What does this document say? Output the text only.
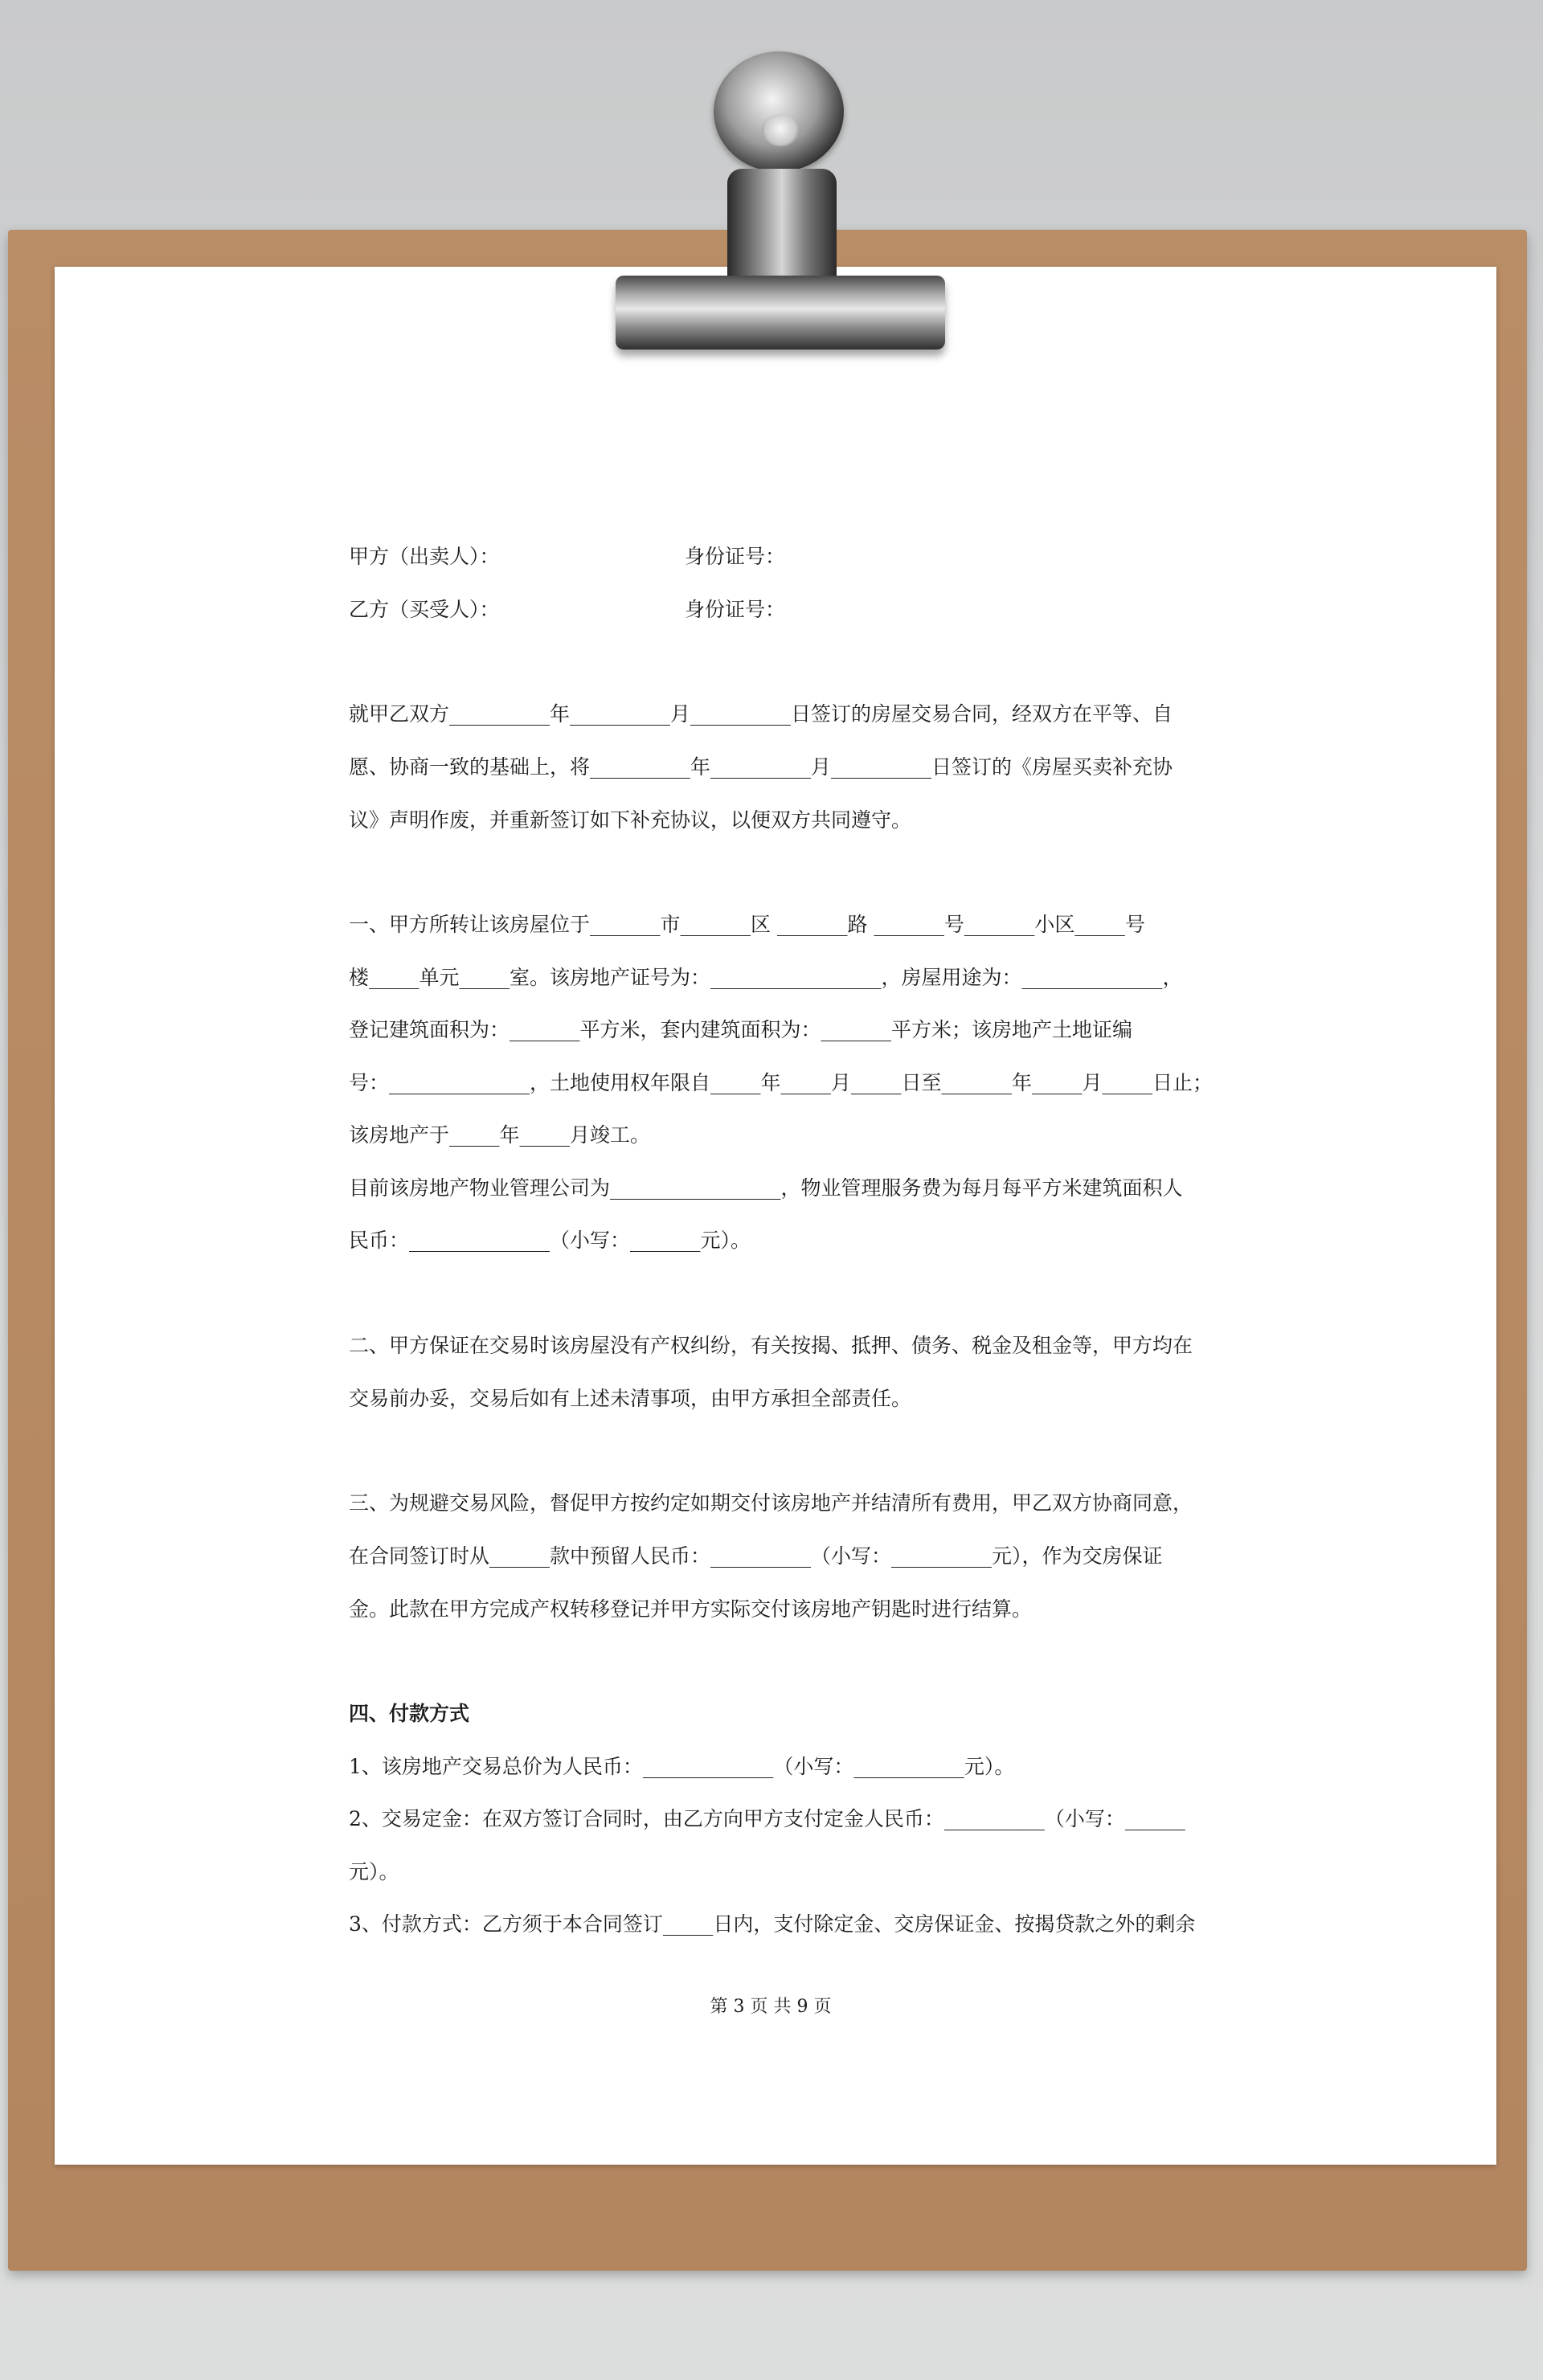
甲方（出卖人）：	身份证号：
乙方（买受人）：	身份证号：
就甲乙双方__________年__________月__________日签订的房屋交易合同，经双方在平等、自
愿、协商一致的基础上，将__________年__________月__________日签订的《房屋买卖补充协
议》声明作废，并重新签订如下补充协议，以便双方共同遵守。
一、甲方所转让该房屋位于_______市_______区 _______路 _______号_______小区_____号
楼_____单元_____室。该房地产证号为：_________________，房屋用途为：______________，
登记建筑面积为：_______平方米，套内建筑面积为：_______平方米；该房地产土地证编
号：______________，土地使用权年限自_____年_____月_____日至_______年_____月_____日止；
该房地产于_____年_____月竣工。
目前该房地产物业管理公司为_________________，物业管理服务费为每月每平方米建筑面积人
民币：______________（小写：_______元）。
二、甲方保证在交易时该房屋没有产权纠纷，有关按揭、抵押、债务、税金及租金等，甲方均在
交易前办妥，交易后如有上述未清事项，由甲方承担全部责任。
三、为规避交易风险，督促甲方按约定如期交付该房地产并结清所有费用，甲乙双方协商同意，
在合同签订时从______款中预留人民币：__________（小写：__________元），作为交房保证
金。此款在甲方完成产权转移登记并甲方实际交付该房地产钥匙时进行结算。
四、付款方式
1、该房地产交易总价为人民币：_____________（小写：___________元）。
2、交易定金：在双方签订合同时，由乙方向甲方支付定金人民币：__________（小写：______
元）。
3、付款方式：乙方须于本合同签订_____日内，支付除定金、交房保证金、按揭贷款之外的剩余
第 3 页 共 9 页
